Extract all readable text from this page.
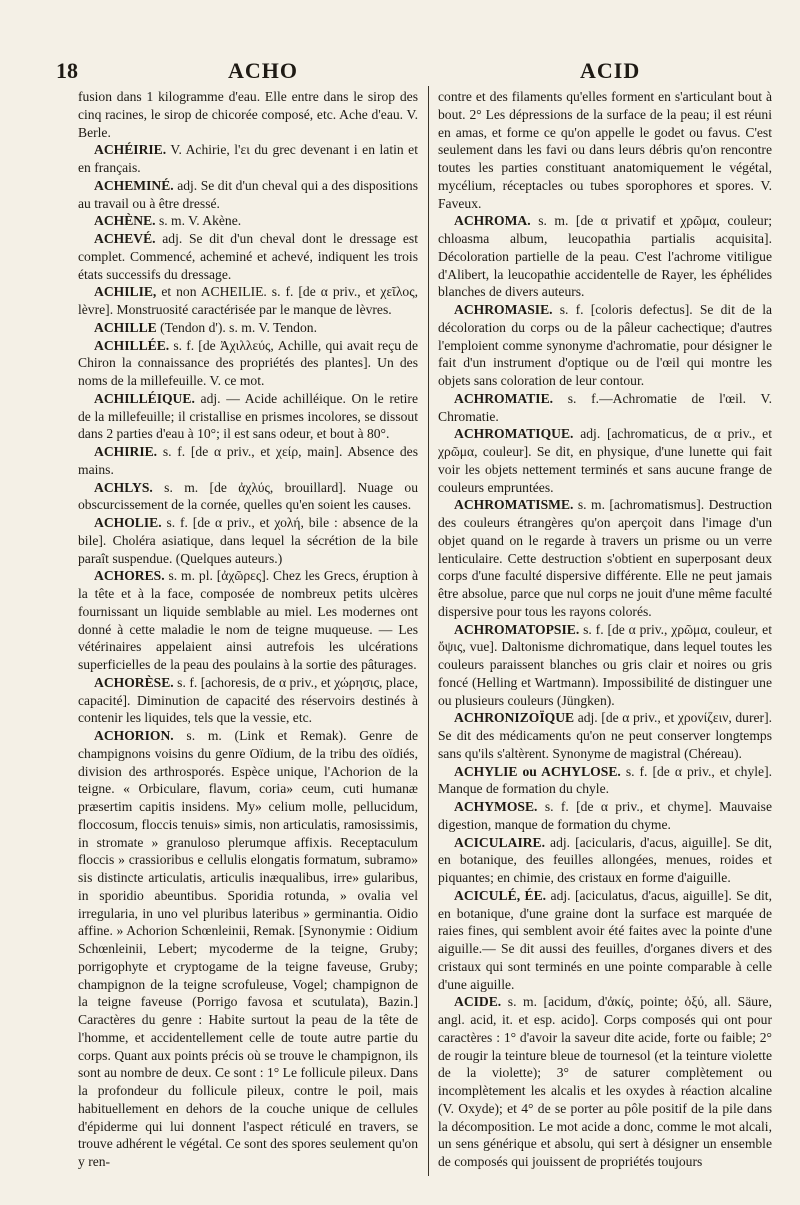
18	ACHO	ACID

fusion dans 1 kilogramme d'eau. Elle entre dans le sirop des cinq racines, le sirop de chicorée composé, etc. Ache d'eau. V. Berle.

ACHÉIRIE. V. Achirie, l'ει du grec devenant i en latin et en français.

ACHEMINÉ. adj. Se dit d'un cheval qui a des dispositions au travail ou à être dressé.

ACHÈNE. s. m. V. Akène.

ACHEVÉ. adj. Se dit d'un cheval dont le dressage est complet. Commencé, acheminé et achevé, indiquent les trois états successifs du dressage.

ACHILIE, et non ACHEILIE. s. f. [de α priv., et χεῖλος, lèvre]. Monstruosité caractérisée par le manque de lèvres.

ACHILLE (Tendon d'). s. m. V. Tendon.

ACHILLÉE. s. f. [de Ἀχιλλεύς, Achille, qui avait reçu de Chiron la connaissance des propriétés des plantes]. Un des noms de la millefeuille. V. ce mot.

ACHILLÉIQUE. adj. — Acide achilléique. On le retire de la millefeuille; il cristallise en prismes incolores, se dissout dans 2 parties d'eau à 10°; il est sans odeur, et bout à 80°.

ACHIRIE. s. f. [de α priv., et χείρ, main]. Absence des mains.

ACHLYS. s. m. [de ἀχλύς, brouillard]. Nuage ou obscurcissement de la cornée, quelles qu'en soient les causes.

ACHOLIE. s. f. [de α priv., et χολή, bile : absence de la bile]. Choléra asiatique, dans lequel la sécrétion de la bile paraît suspendue. (Quelques auteurs.)

ACHORES. s. m. pl. [ἀχῶρες]. Chez les Grecs, éruption à la tête et à la face, composée de nombreux petits ulcères fournissant un liquide semblable au miel. Les modernes ont donné à cette maladie le nom de teigne muqueuse. — Les vétérinaires appelaient ainsi autrefois les ulcérations superficielles de la peau des poulains à la sortie des pâturages.

ACHORÈSE. s. f. [achoresis, de α priv., et χώρησις, place, capacité]. Diminution de capacité des réservoirs destinés à contenir les liquides, tels que la vessie, etc.

ACHORION. s. m. (Link et Remak). Genre de champignons voisins du genre Oïdium, de la tribu des oïdiés, division des arthrosporés. Espèce unique, l'Achorion de la teigne. « Orbiculare, flavum, coria» ceum, cuti humanæ præsertim capitis insidens. My» celium molle, pellucidum, floccosum, floccis tenuis» simis, non articulatis, ramosissimis, in stromate » granuloso plerumque affixis. Receptaculum floccis » crassioribus e cellulis elongatis formatum, subramo» sis distincte articulatis, articulis inæqualibus, irre» gularibus, in sporidio abeuntibus. Sporidia rotunda, » ovalia vel irregularia, in uno vel pluribus lateribus » germinantia. Oidio affine. » Achorion Schœnleinii, Remak. [Synonymie : Oidium Schœnleinii, Lebert; mycoderme de la teigne, Gruby; porrigophyte et cryptogame de la teigne faveuse, Gruby; champignon de la teigne scrofuleuse, Vogel; champignon de la teigne faveuse (Porrigo favosa et scutulata), Bazin.] Caractères du genre : Habite surtout la peau de la tête de l'homme, et accidentellement celle de toute autre partie du corps. Quant aux points précis où se trouve le champignon, ils sont au nombre de deux. Ce sont : 1° Le follicule pileux. Dans la profondeur du follicule pileux, contre le poil, mais habituellement en dehors de la couche unique de cellules d'épiderme qui lui donnent l'aspect réticulé en travers, se trouve adhérent le végétal. Ce sont des spores seulement qu'on y ren-

contre et des filaments qu'elles forment en s'articulant bout à bout. 2° Les dépressions de la surface de la peau; il est réuni en amas, et forme ce qu'on appelle le godet ou favus. C'est seulement dans les favi ou dans leurs débris qu'on rencontre toutes les parties constituant anatomiquement le végétal, mycélium, réceptacles ou tubes sporophores et spores. V. Faveux.

ACHROMA. s. m. [de α privatif et χρῶμα, couleur; chloasma album, leucopathia partialis acquisita]. Décoloration partielle de la peau. C'est l'achrome vitiligue d'Alibert, la leucopathie accidentelle de Rayer, les éphélides blanches de divers auteurs.

ACHROMASIE. s. f. [coloris defectus]. Se dit de la décoloration du corps ou de la pâleur cachectique; d'autres l'emploient comme synonyme d'achromatie, pour désigner le fait d'un instrument d'optique ou de l'œil qui montre les objets sans coloration de leur contour.

ACHROMATIE. s. f.—Achromatie de l'œil. V. Chromatie.

ACHROMATIQUE. adj. [achromaticus, de α priv., et χρῶμα, couleur]. Se dit, en physique, d'une lunette qui fait voir les objets nettement terminés et sans aucune frange de couleurs empruntées.

ACHROMATISME. s. m. [achromatismus]. Destruction des couleurs étrangères qu'on aperçoit dans l'image d'un objet quand on le regarde à travers un prisme ou un verre lenticulaire. Cette destruction s'obtient en superposant deux corps d'une faculté dispersive différente. Elle ne peut jamais être absolue, parce que nul corps ne jouit d'une même faculté dispersive pour tous les rayons colorés.

ACHROMATOPSIE. s. f. [de α priv., χρῶμα, couleur, et ὄψις, vue]. Daltonisme dichromatique, dans lequel toutes les couleurs paraissent blanches ou gris clair et noires ou gris foncé (Helling et Wartmann). Impossibilité de distinguer une ou plusieurs couleurs (Jüngken).

ACHRONIZOÏQUE adj. [de α priv., et χρονίζειν, durer]. Se dit des médicaments qu'on ne peut conserver longtemps sans qu'ils s'altèrent. Synonyme de magistral (Chéreau).

ACHYLIE ou ACHYLOSE. s. f. [de α priv., et chyle]. Manque de formation du chyle.

ACHYMOSE. s. f. [de α priv., et chyme]. Mauvaise digestion, manque de formation du chyme.

ACICULAIRE. adj. [acicularis, d'acus, aiguille]. Se dit, en botanique, des feuilles allongées, menues, roides et piquantes; en chimie, des cristaux en forme d'aiguille.

ACICULÉ, ÉE. adj. [aciculatus, d'acus, aiguille]. Se dit, en botanique, d'une graine dont la surface est marquée de raies fines, qui semblent avoir été faites avec la pointe d'une aiguille.— Se dit aussi des feuilles, d'organes divers et des cristaux qui sont terminés en une pointe comparable à celle d'une aiguille.

ACIDE. s. m. [acidum, d'ἀκίς, pointe; ὀξύ, all. Säure, angl. acid, it. et esp. acido]. Corps composés qui ont pour caractères : 1° d'avoir la saveur dite acide, forte ou faible; 2° de rougir la teinture bleue de tournesol (et la teinture violette de la violette); 3° de saturer complètement ou incomplètement les alcalis et les oxydes à réaction alcaline (V. Oxyde); et 4° de se porter au pôle positif de la pile dans la décomposition. Le mot acide a donc, comme le mot alcali, un sens générique et absolu, qui sert à désigner un ensemble de composés qui jouissent de propriétés toujours
